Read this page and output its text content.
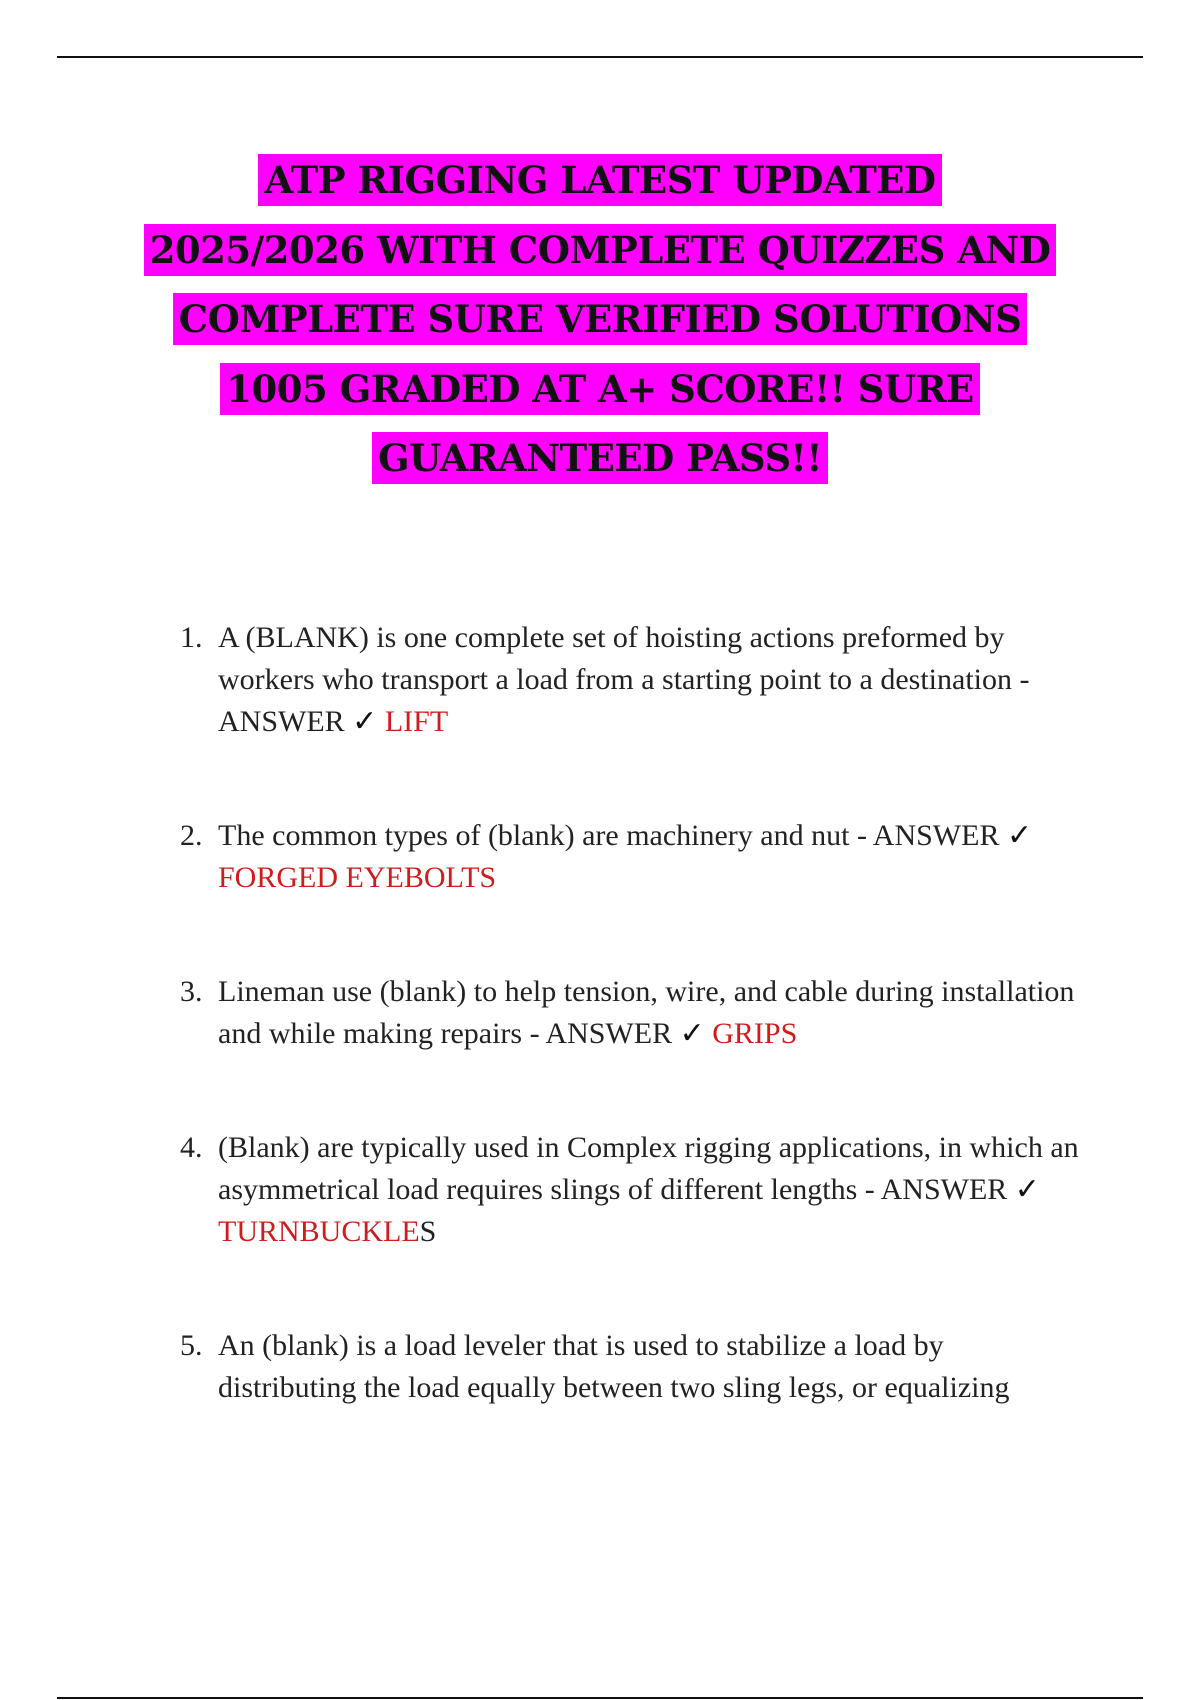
ATP RIGGING LATEST UPDATED
2025/2026 WITH COMPLETE QUIZZES AND
COMPLETE SURE VERIFIED SOLUTIONS
1005 GRADED AT A+ SCORE!! SURE
GUARANTEED PASS!!
1. A (BLANK) is one complete set of hoisting actions preformed by workers who transport a load from a starting point to a destination - ANSWER ✓ LIFT
2. The common types of (blank) are machinery and nut - ANSWER ✓ FORGED EYEBOLTS
3. Lineman use (blank) to help tension, wire, and cable during installation and while making repairs - ANSWER ✓ GRIPS
4. (Blank) are typically used in Complex rigging applications, in which an asymmetrical load requires slings of different lengths - ANSWER ✓ TURNBUCKLES
5. An (blank) is a load leveler that is used to stabilize a load by distributing the load equally between two sling legs, or equalizing
